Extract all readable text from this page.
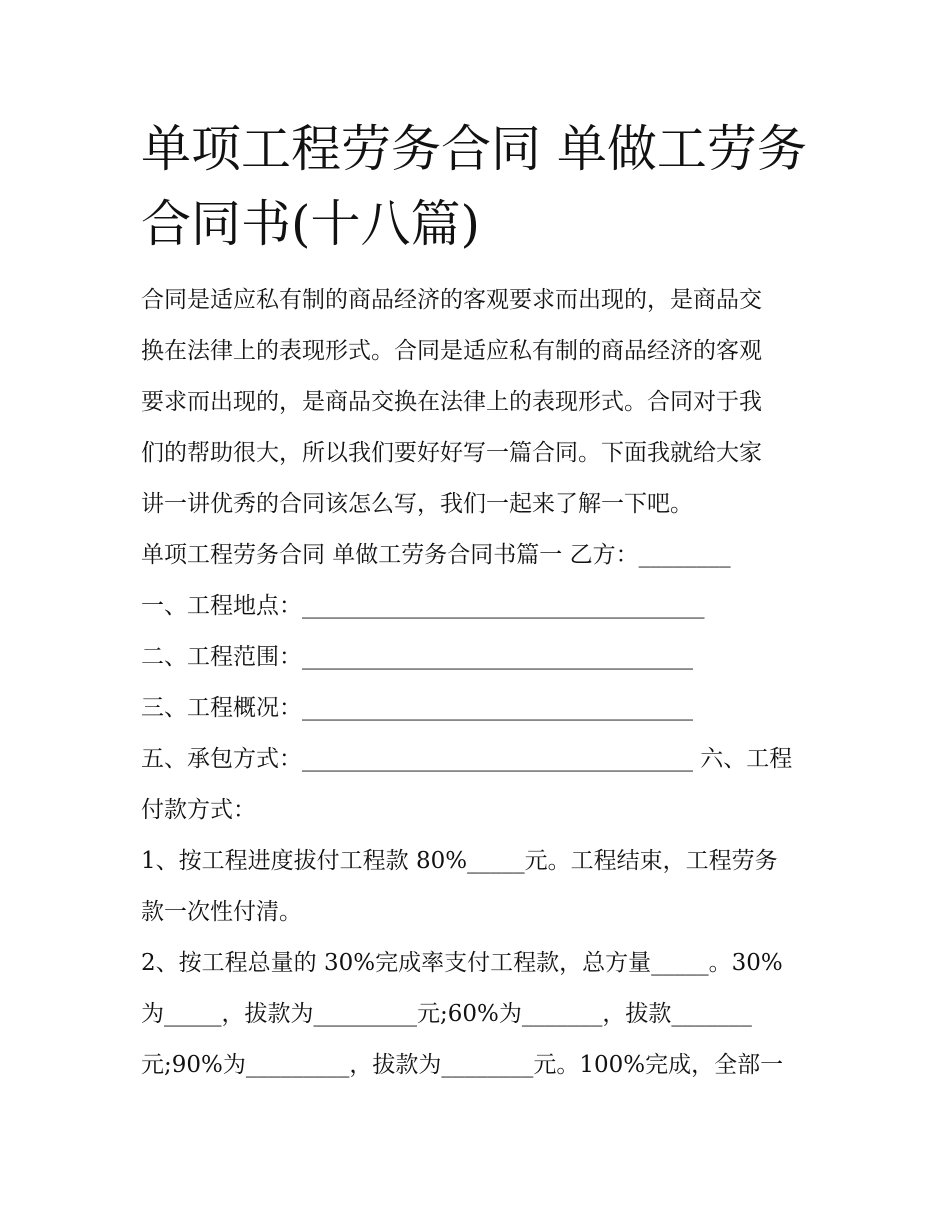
单项工程劳务合同 单做工劳务
合同书(十八篇)
合同是适应私有制的商品经济的客观要求而出现的，是商品交
换在法律上的表现形式。合同是适应私有制的商品经济的客观
要求而出现的，是商品交换在法律上的表现形式。合同对于我
们的帮助很大，所以我们要好好写一篇合同。下面我就给大家
讲一讲优秀的合同该怎么写，我们一起来了解一下吧。
单项工程劳务合同 单做工劳务合同书篇一 乙方：________
一、工程地点：___________________________________
二、工程范围：__________________________________
三、工程概况：__________________________________
五、承包方式：__________________________________ 六、工程
付款方式：
1、按工程进度拔付工程款 80%_____元。工程结束，工程劳务
款一次性付清。
2、按工程总量的 30%完成率支付工程款，总方量_____。30%
为_____，拔款为_________元;60%为_______，拔款_______
元;90%为_________，拔款为________元。100%完成，全部一
